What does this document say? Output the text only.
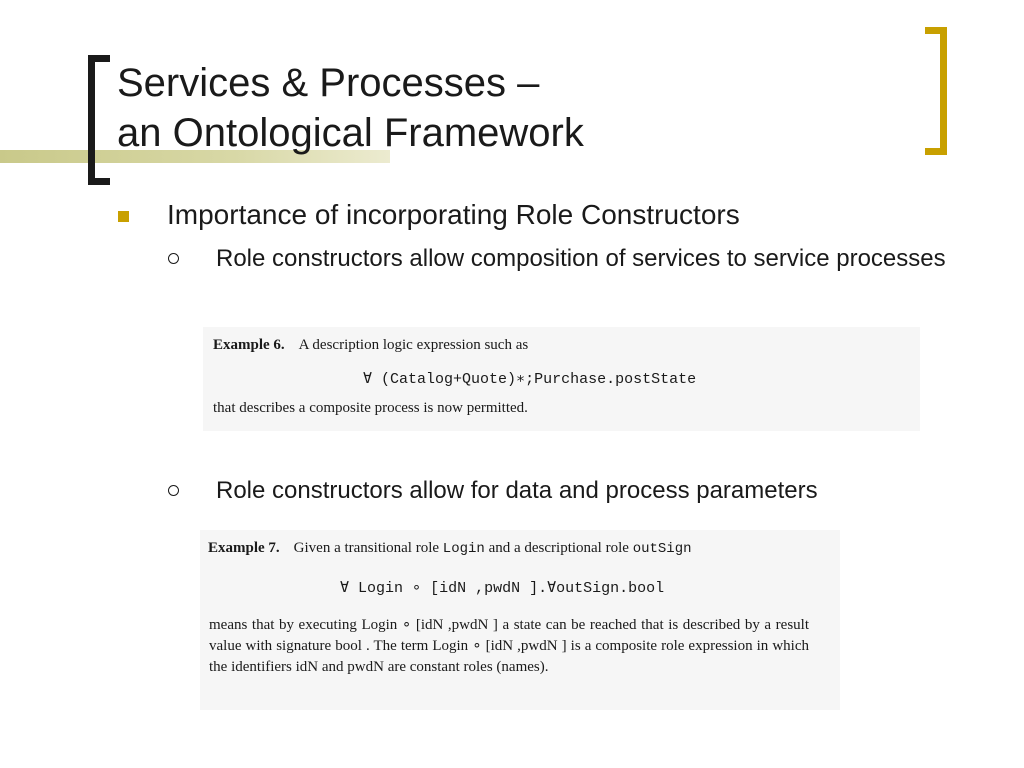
Services & Processes –
an Ontological Framework
Importance of incorporating Role Constructors
Role constructors allow composition of services to service processes
Example 6. A description logic expression such as
∀ (Catalog+Quote)∗;Purchase.postState
that describes a composite process is now permitted.
Role constructors allow for data and process parameters
Example 7. Given a transitional role Login and a descriptional role outSign
∀ Login ∘ [idN ,pwdN ].∀outSign.bool
means that by executing Login ∘ [idN ,pwdN ] a state can be reached that is described by a result value with signature bool . The term Login ∘ [idN ,pwdN ] is a composite role expression in which the identifiers idN and pwdN are constant roles (names).
